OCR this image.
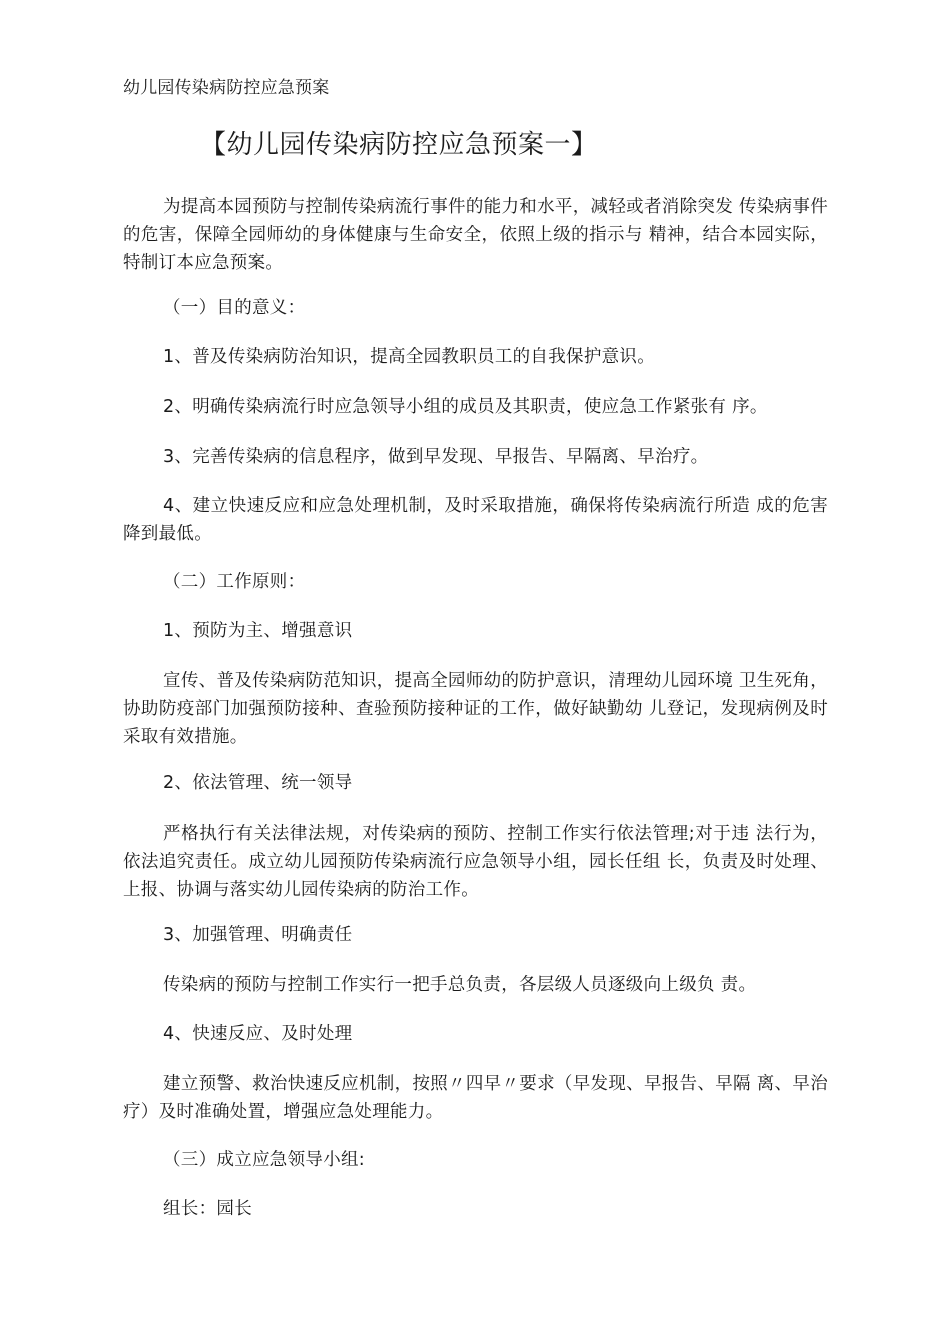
幼儿园传染病防控应急预案
【幼儿园传染病防控应急预案一】
为提高本园预防与控制传染病流行事件的能力和水平，减轻或者消除突发 传染病事件的危害，保障全园师幼的身体健康与生命安全，依照上级的指示与 精神，结合本园实际，特制订本应急预案。
（一）目的意义：
1、普及传染病防治知识，提高全园教职员工的自我保护意识。
2、明确传染病流行时应急领导小组的成员及其职责，使应急工作紧张有 序。
3、完善传染病的信息程序，做到早发现、早报告、早隔离、早治疗。
4、建立快速反应和应急处理机制，及时采取措施，确保将传染病流行所造 成的危害降到最低。
（二）工作原则：
1、预防为主、增强意识
宣传、普及传染病防范知识，提高全园师幼的防护意识，清理幼儿园环境 卫生死角，协助防疫部门加强预防接种、查验预防接种证的工作，做好缺勤幼 儿登记，发现病例及时采取有效措施。
2、依法管理、统一领导
严格执行有关法律法规，对传染病的预防、控制工作实行依法管理;对于违 法行为，依法追究责任。成立幼儿园预防传染病流行应急领导小组，园长任组 长，负责及时处理、上报、协调与落实幼儿园传染病的防治工作。
3、加强管理、明确责任
传染病的预防与控制工作实行一把手总负责，各层级人员逐级向上级负 责。
4、快速反应、及时处理
建立预警、救治快速反应机制，按照〃四早〃要求（早发现、早报告、早隔 离、早治疗）及时准确处置，增强应急处理能力。
（三）成立应急领导小组:
组长：园长
